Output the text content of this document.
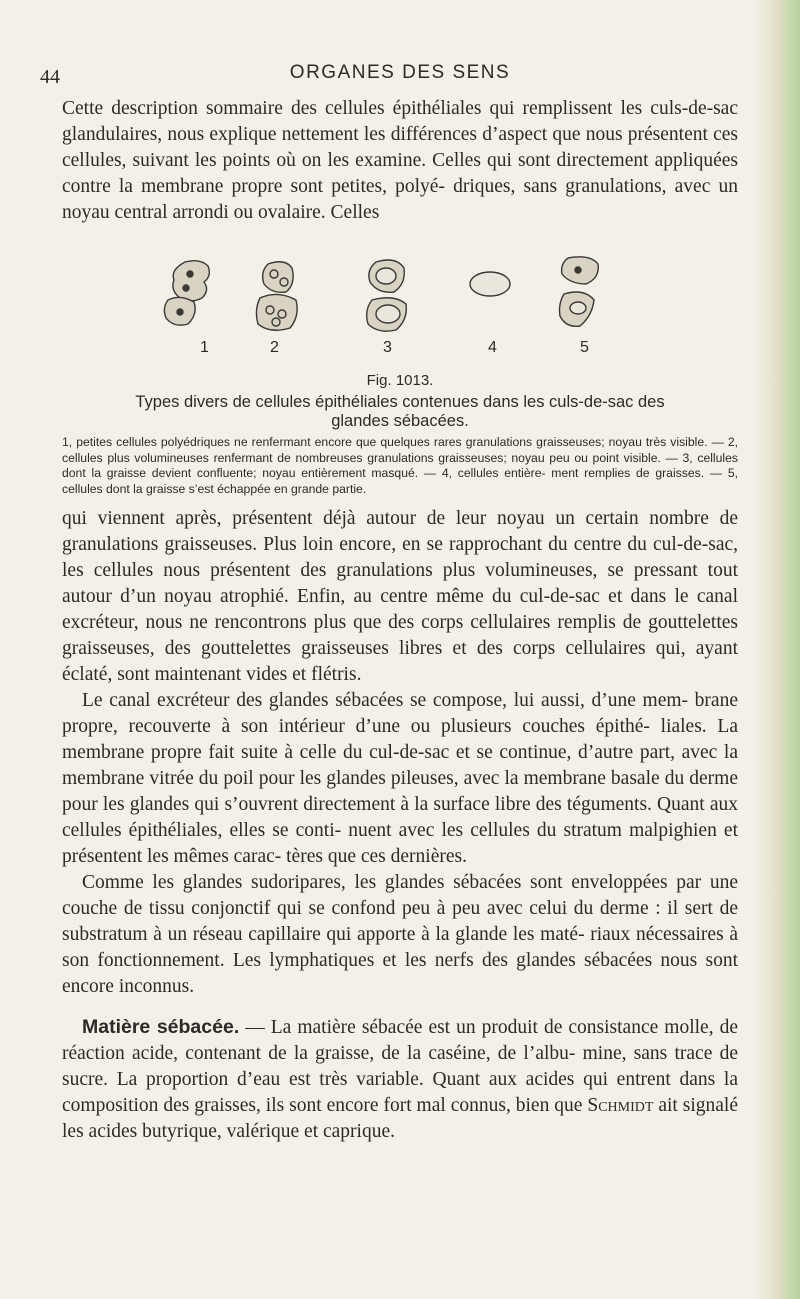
44	ORGANES DES SENS

Cette description sommaire des cellules épithéliales qui remplissent les culs-de-sac glandulaires, nous explique nettement les différences d’aspect que nous présentent ces cellules, suivant les points où on les examine. Celles qui sont directement appliquées contre la membrane propre sont petites, polyé- driques, sans granulations, avec un noyau central arrondi ou ovalaire. Celles

1	2	3	4	5
Fig. 1013.
Types divers de cellules épithéliales contenues dans les culs-de-sac des glandes sébacées.
1, petites cellules polyédriques ne renfermant encore que quelques rares granulations graisseuses; noyau très visible. — 2, cellules plus volumineuses renfermant de nombreuses granulations graisseuses; noyau peu ou point visible. — 3, cellules dont la graisse devient confluente; noyau entièrement masqué. — 4, cellules entière- ment remplies de graisses. — 5, cellules dont la graisse s’est échappée en grande partie.

qui viennent après, présentent déjà autour de leur noyau un certain nombre de granulations graisseuses. Plus loin encore, en se rapprochant du centre du cul-de-sac, les cellules nous présentent des granulations plus volumineuses, se pressant tout autour d’un noyau atrophié. Enfin, au centre même du cul-de-sac et dans le canal excréteur, nous ne rencontrons plus que des corps cellulaires remplis de gouttelettes graisseuses, des gouttelettes graisseuses libres et des corps cellulaires qui, ayant éclaté, sont maintenant vides et flétris.

Le canal excréteur des glandes sébacées se compose, lui aussi, d’une mem- brane propre, recouverte à son intérieur d’une ou plusieurs couches épithé- liales. La membrane propre fait suite à celle du cul-de-sac et se continue, d’autre part, avec la membrane vitrée du poil pour les glandes pileuses, avec la membrane basale du derme pour les glandes qui s’ouvrent directement à la surface libre des téguments. Quant aux cellules épithéliales, elles se conti- nuent avec les cellules du stratum malpighien et présentent les mêmes carac- tères que ces dernières.

Comme les glandes sudoripares, les glandes sébacées sont enveloppées par une couche de tissu conjonctif qui se confond peu à peu avec celui du derme : il sert de substratum à un réseau capillaire qui apporte à la glande les maté- riaux nécessaires à son fonctionnement. Les lymphatiques et les nerfs des glandes sébacées nous sont encore inconnus.

Matière sébacée. — La matière sébacée est un produit de consistance molle, de réaction acide, contenant de la graisse, de la caséine, de l’albu- mine, sans trace de sucre. La proportion d’eau est très variable. Quant aux acides qui entrent dans la composition des graisses, ils sont encore fort mal connus, bien que Schmidt ait signalé les acides butyrique, valérique et caprique.
